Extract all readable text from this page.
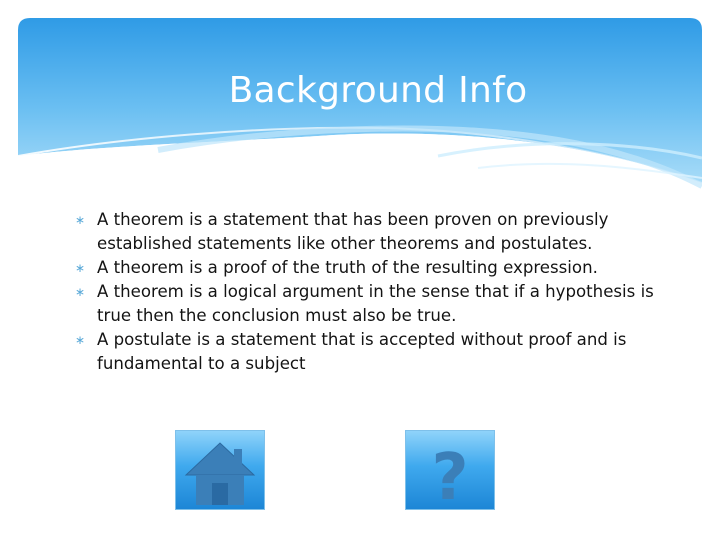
Background Info
∗ A theorem is a statement that has been proven on previously established statements like other theorems and postulates.
∗ A theorem is a proof of the truth of the resulting expression.
∗ A theorem is a logical argument in the sense that if a hypothesis is true then the conclusion must also be true.
∗ A postulate is a statement that is accepted without proof and is fundamental to a subject
?
